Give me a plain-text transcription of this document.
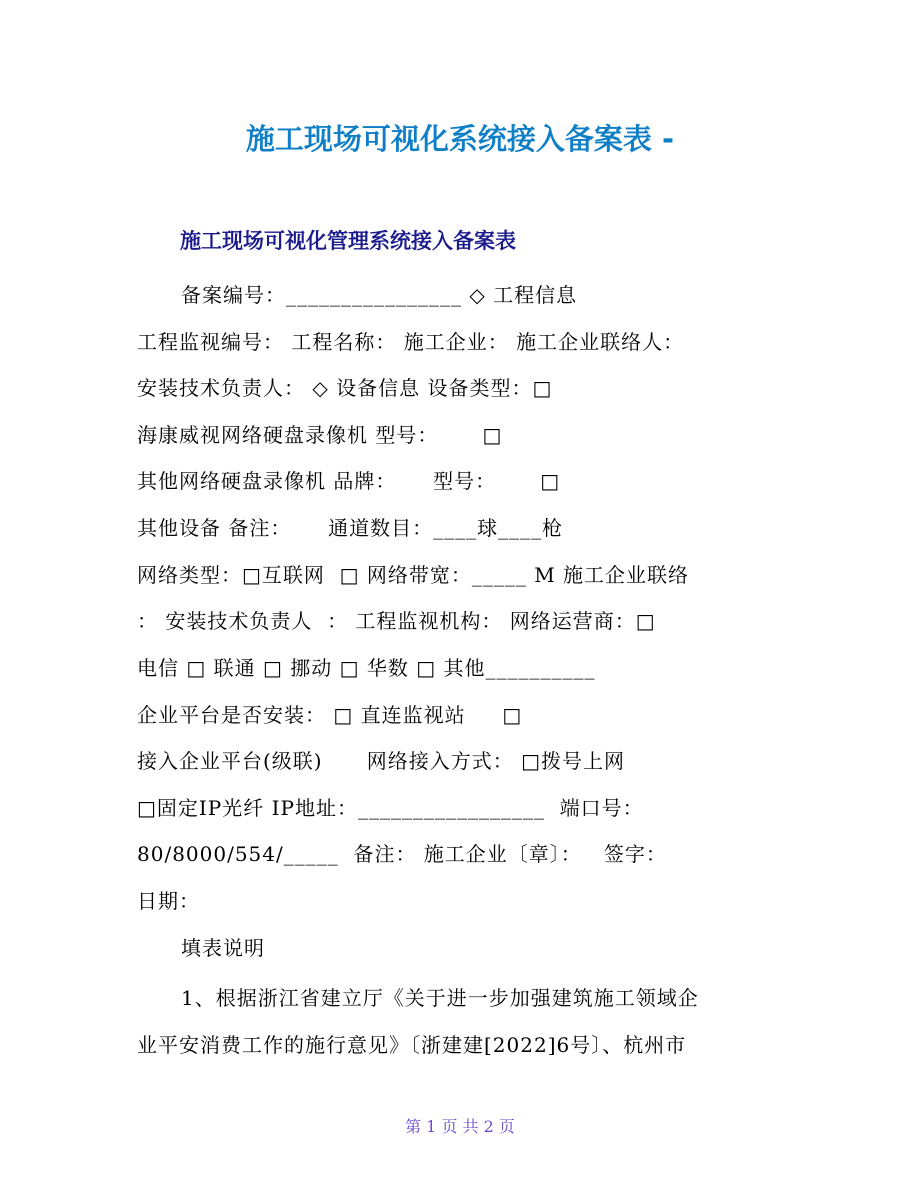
施工现场可视化系统接入备案表 -
施工现场可视化管理系统接入备案表

备案编号：________________ ◇ 工程信息

工程监视编号： 工程名称： 施工企业： 施工企业联络人：

安装技术负责人： ◇ 设备信息 设备类型：□

海康威视网络硬盘录像机 型号：      □

其他网络硬盘录像机 品牌：     型号：      □

其他设备 备注：     通道数目：____球____枪

网络类型：□互联网  □ 网络带宽：_____ M 施工企业联络

： 安装技术负责人  ： 工程监视机构： 网络运营商：□

电信 □ 联通 □ 挪动 □ 华数 □ 其他__________

企业平台是否安装： □ 直连监视站     □

接入企业平台(级联)      网络接入方式： □拨号上网

□固定IP光纤 IP地址：_________________  端口号：

80/8000/554/_____  备注： 施工企业〔章〕：   签字：

日期：

填表说明

1、根据浙江省建立厅《关于进一步加强建筑施工领域企

业平安消费工作的施行意见》〔浙建建[2022]6号〕、杭州市

第 1 页 共 2 页
